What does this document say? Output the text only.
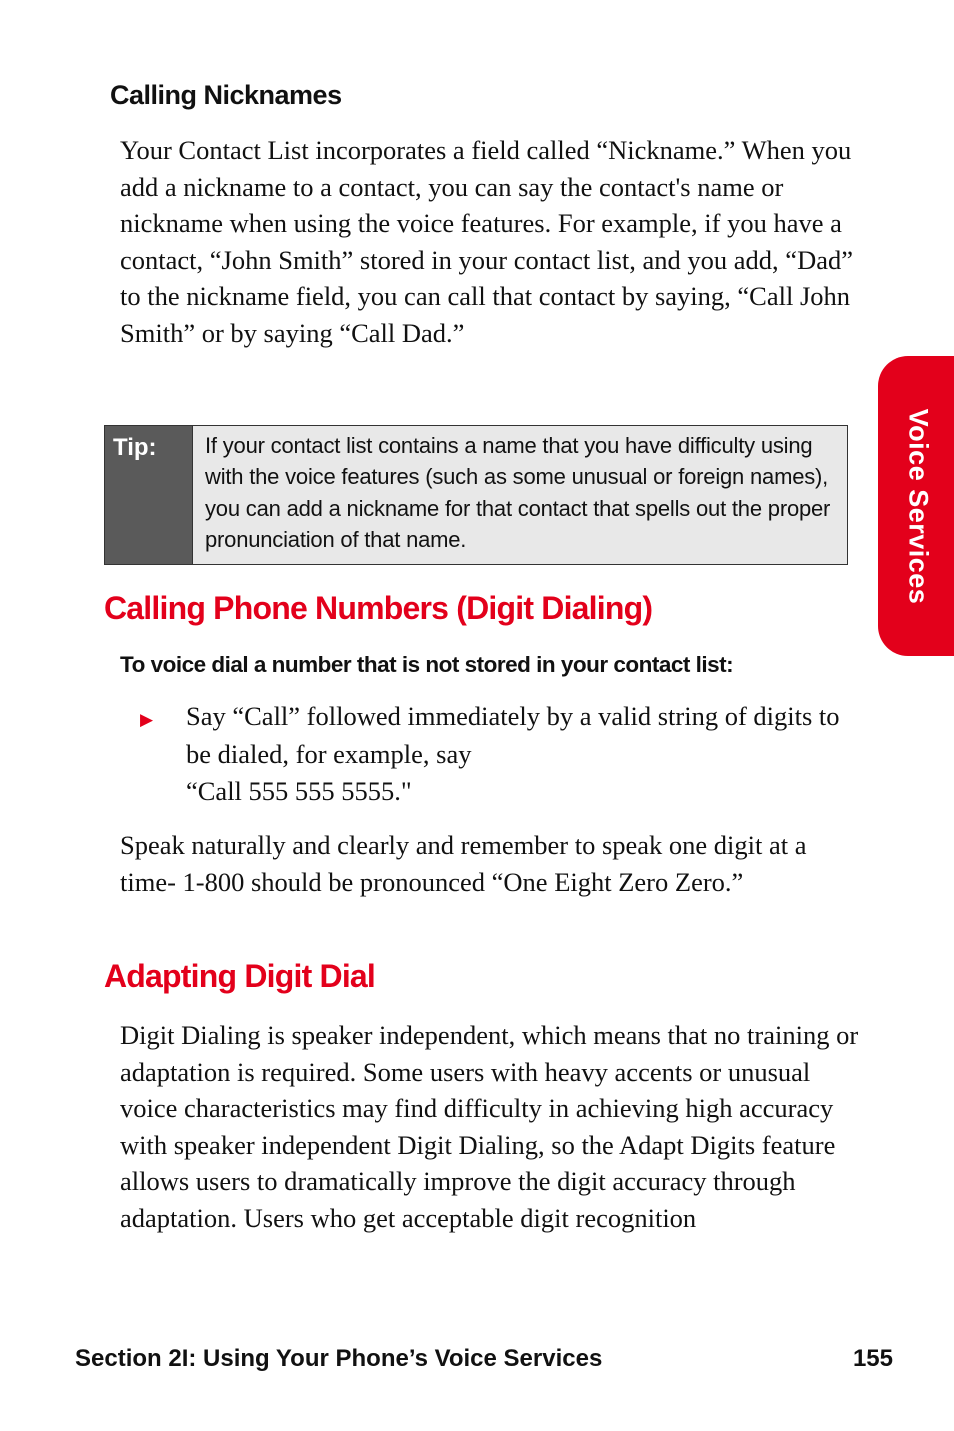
Calling Nicknames

Your Contact List incorporates a field called “Nickname.” When you add a nickname to a contact, you can say the contact's name or nickname when using the voice features. For example, if you have a contact, “John Smith” stored in your contact list, and you add, “Dad” to the nickname field, you can call that contact by saying, “Call John Smith” or by saying “Call Dad.”

Tip:	If your contact list contains a name that you have difficulty using with the voice features (such as some unusual or foreign names), you can add a nickname for that contact that spells out the proper pronunciation of that name.
Calling Phone Numbers (Digit Dialing)

To voice dial a number that is not stored in your contact list:

▶	Say “Call” followed immediately by a valid string of digits to be dialed, for example, say
“Call 555 555 5555."

Speak naturally and clearly and remember to speak one digit at a time- 1-800 should be pronounced “One Eight Zero Zero.”

Adapting Digit Dial

Digit Dialing is speaker independent, which means that no training or adaptation is required. Some users with heavy accents or unusual voice characteristics may find difficulty in achieving high accuracy with speaker independent Digit Dialing, so the Adapt Digits feature allows users to dramatically improve the digit accuracy through adaptation. Users who get acceptable digit recognition

Voice Services
Section 2I: Using Your Phone’s Voice Services	155
